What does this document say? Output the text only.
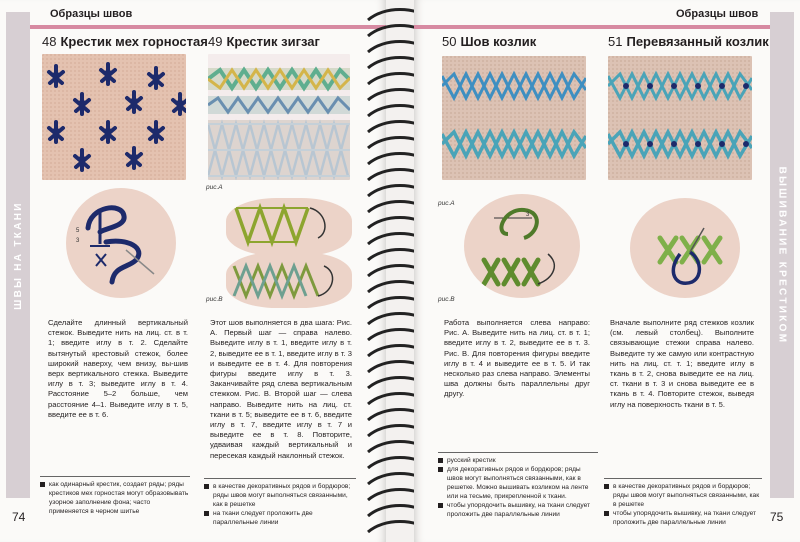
ШВЫ НА ТКАНИ
Образцы швов
48 Крестик мех горностая
5
3
Сделайте длинный вертикальный стежок. Выведите нить на лиц. ст. в т. 1; введите иглу в т. 2. Сделайте вытянутый крестовый стежок, более широкий наверху, чем внизу, вы-шив верх вертикального стежка. Выведите иглу в т. 3; выведите иглу в т. 4. Расстояние 5–2 больше, чем расстояние 4–1. Выведите иглу в т. 5, введите ее в т. 6.
как одинарный крестик, создает ряды; ряды крестиков мех горностая могут образовывать узорное заполнение фона; часто применяется в черном шитье
49 Крестик зигзаг
рис.А
рис.В
Этот шов выполняется в два шага: Рис. А. Первый шаг — справа налево. Выведите иглу в т. 1, введите иглу в т. 2, выведите ее в т. 1, введите иглу в т. 3 и выведите ее в т. 4. Для повторения фигуры введите иглу в т. 3. Заканчивайте ряд слева вертикальным стежком. Рис. В. Второй шаг — слева направо. Выведите нить на лиц. ст. ткани в т. 5; выведите ее в т. 6, введите иглу в т. 7, введите иглу в т. 7 и выведите ее в т. 8. Повторите, удваивая каждый вертикальный и пересекая каждый наклонный стежок.
в качестве декоративных рядов и бордюров; ряды швов могут выполняться связанными, как в решетке
на ткани следует проложить две параллельные линии
74
ВЫШИВАНИЕ КРЕСТИКОМ
Образцы швов
50 Шов козлик
рис.А
3
рис.В
Работа выполняется слева направо: Рис. А. Выведите нить на лиц. ст. в т. 1; введите иглу в т. 2, выведите ее в т. 3. Рис. В. Для повторения фигуры введите иглу в т. 4 и выведите ее в т. 5. И так несколько раз слева направо. Элементы шва должны быть параллельны друг другу.
русский крестик
для декоративных рядов и бордюров; ряды швов могут выполняться связанными, как в решетке. Можно вышивать козликом на ленте или на тесьме, прикрепленной к ткани.
чтобы упорядочить вышивку, на ткани следует проложить две параллельные линии
51 Перевязанный козлик
Вначале выполните ряд стежков козлик (см. левый столбец). Выполните связывающие стежки справа налево. Выведите ту же самую или контрастную нить на лиц. ст. т. 1; введите иглу в ткань в т. 2, снова выведите ее на лиц. ст. ткани в т. 3 и снова выведите ее в ткань в т. 4. Повторите стежок, выведя иглу на поверхность ткани в т. 5.
в качестве декоративных рядов и бордюров; ряды швов могут выполняться связанными, как в решетке
чтобы упорядочить вышивку, на ткани следует проложить две параллельные линии	75
